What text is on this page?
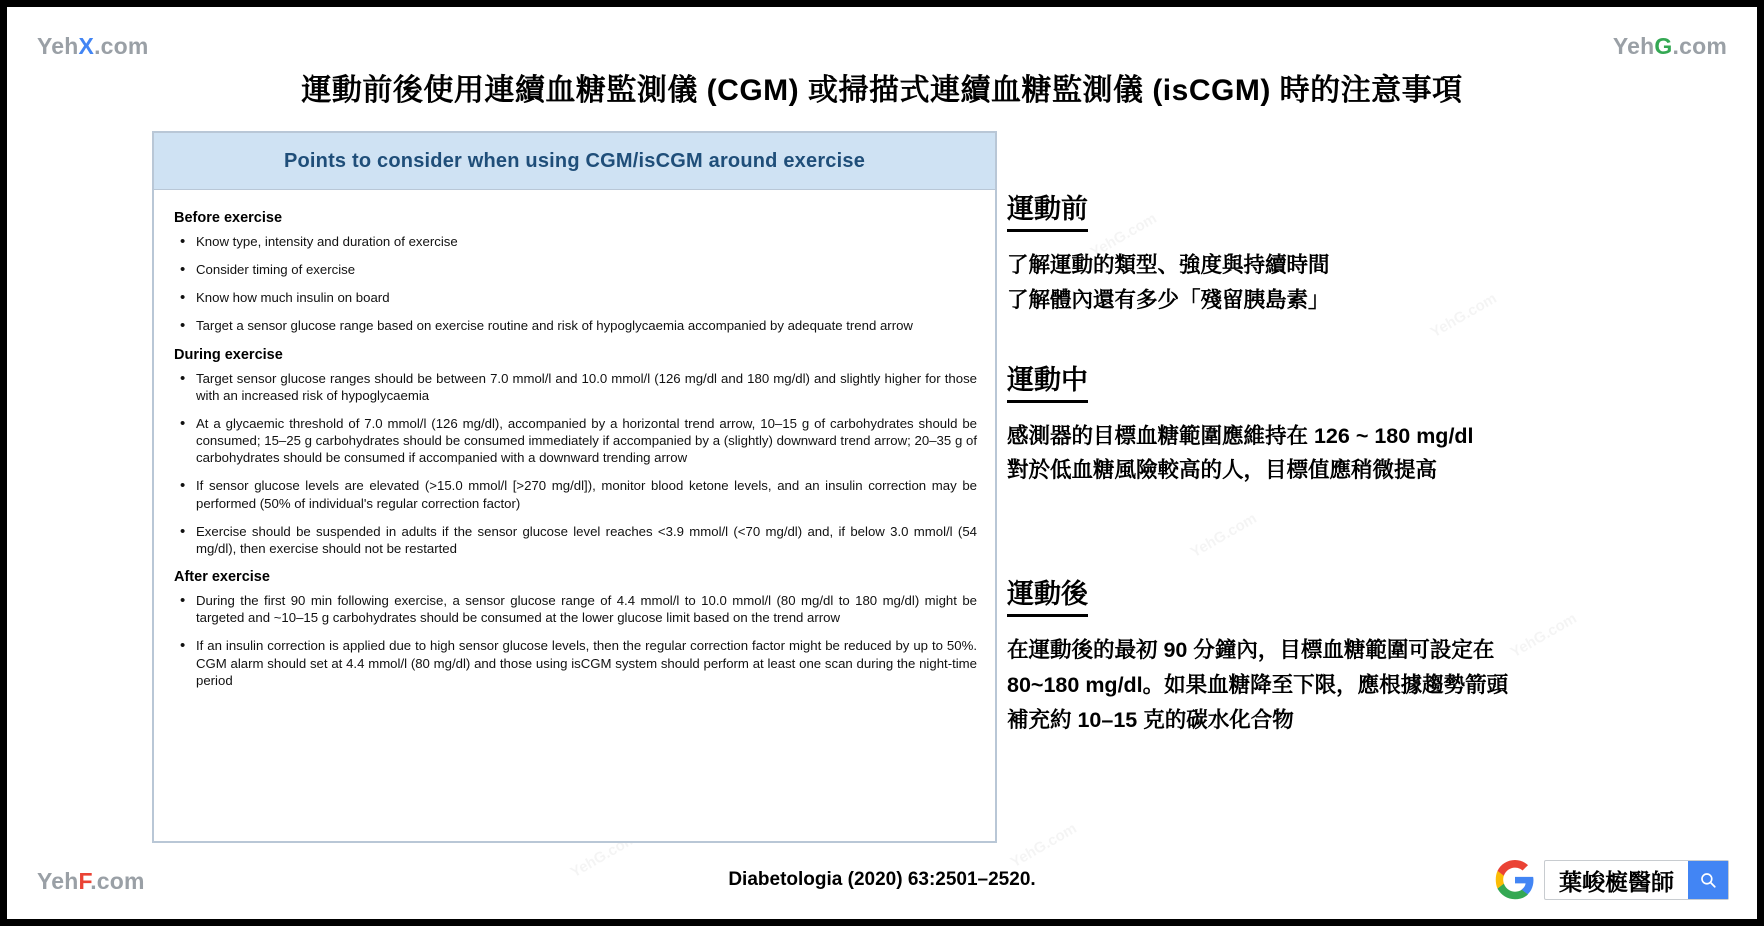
YehX.com	YehG.com
YehF.com
運動前後使用連續血糖監測儀 (CGM) 或掃描式連續血糖監測儀 (isCGM) 時的注意事項
Points to consider when using CGM/isCGM around exercise
Before exercise
• Know type, intensity and duration of exercise
• Consider timing of exercise
• Know how much insulin on board
• Target a sensor glucose range based on exercise routine and risk of hypoglycaemia accompanied by adequate trend arrow
During exercise
• Target sensor glucose ranges should be between 7.0 mmol/l and 10.0 mmol/l (126 mg/dl and 180 mg/dl) and slightly higher for those with an increased risk of hypoglycaemia
• At a glycaemic threshold of 7.0 mmol/l (126 mg/dl), accompanied by a horizontal trend arrow, 10–15 g of carbohydrates should be consumed; 15–25 g carbohydrates should be consumed immediately if accompanied by a (slightly) downward trend arrow; 20–35 g of carbohydrates should be consumed if accompanied with a downward trending arrow
• If sensor glucose levels are elevated (>15.0 mmol/l [>270 mg/dl]), monitor blood ketone levels, and an insulin correction may be performed (50% of individual's regular correction factor)
• Exercise should be suspended in adults if the sensor glucose level reaches <3.9 mmol/l (<70 mg/dl) and, if below 3.0 mmol/l (54 mg/dl), then exercise should not be restarted
After exercise
• During the first 90 min following exercise, a sensor glucose range of 4.4 mmol/l to 10.0 mmol/l (80 mg/dl to 180 mg/dl) might be targeted and ~10–15 g carbohydrates should be consumed at the lower glucose limit based on the trend arrow
• If an insulin correction is applied due to high sensor glucose levels, then the regular correction factor might be reduced by up to 50%. CGM alarm should set at 4.4 mmol/l (80 mg/dl) and those using isCGM system should perform at least one scan during the night-time period
運動前
了解運動的類型、強度與持續時間
了解體內還有多少「殘留胰島素」
運動中
感測器的目標血糖範圍應維持在 126 ~ 180 mg/dl
對於低血糖風險較高的人，目標值應稍微提高
運動後
在運動後的最初 90 分鐘內，目標血糖範圍可設定在
80~180 mg/dl。如果血糖降至下限，應根據趨勢箭頭
補充約 10–15 克的碳水化合物
Diabetologia (2020) 63:2501–2520.	葉峻榳醫師
